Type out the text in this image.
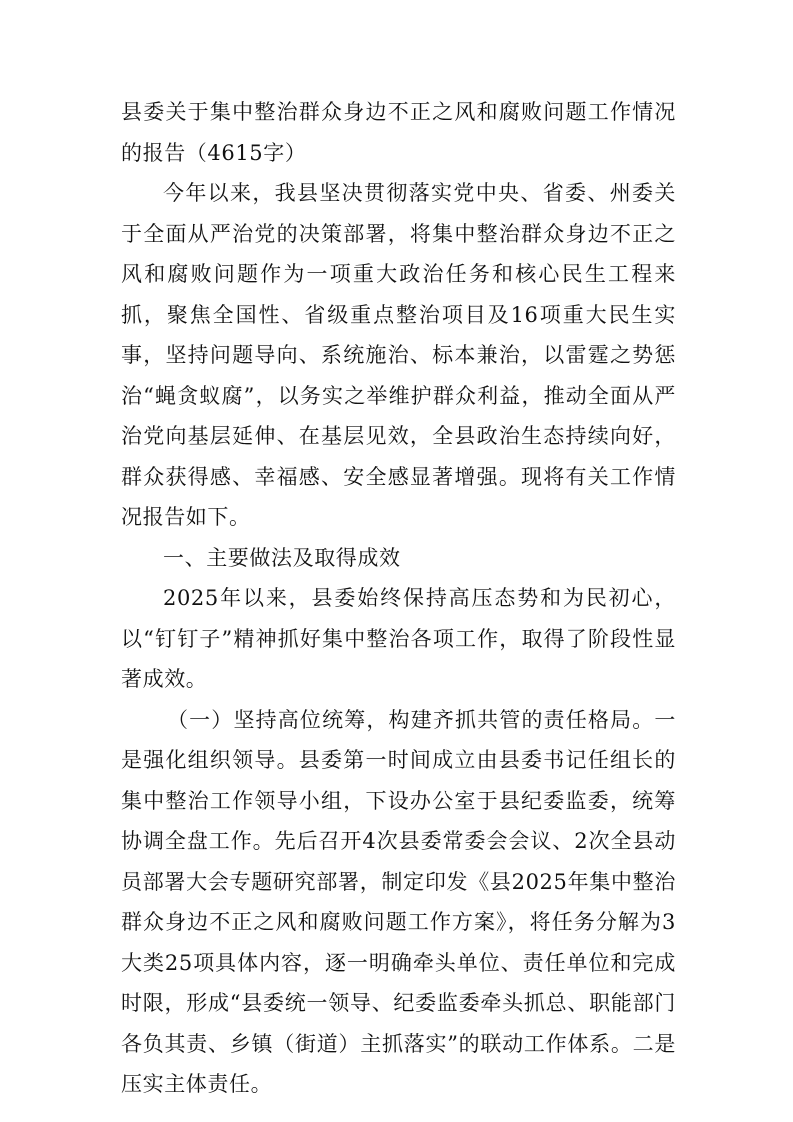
县委关于集中整治群众身边不正之风和腐败问题工作情况的报告（4615字）

今年以来，我县坚决贯彻落实党中央、省委、州委关于全面从严治党的决策部署，将集中整治群众身边不正之风和腐败问题作为一项重大政治任务和核心民生工程来抓，聚焦全国性、省级重点整治项目及16项重大民生实事，坚持问题导向、系统施治、标本兼治，以雷霆之势惩治“蝇贪蚁腐”，以务实之举维护群众利益，推动全面从严治党向基层延伸、在基层见效，全县政治生态持续向好，群众获得感、幸福感、安全感显著增强。现将有关工作情况报告如下。

一、主要做法及取得成效

2025年以来，县委始终保持高压态势和为民初心，以“钉钉子”精神抓好集中整治各项工作，取得了阶段性显著成效。

（一）坚持高位统筹，构建齐抓共管的责任格局。一是强化组织领导。县委第一时间成立由县委书记任组长的集中整治工作领导小组，下设办公室于县纪委监委，统筹协调全盘工作。先后召开4次县委常委会会议、2次全县动员部署大会专题研究部署，制定印发《县2025年集中整治群众身边不正之风和腐败问题工作方案》，将任务分解为3大类25项具体内容，逐一明确牵头单位、责任单位和完成时限，形成“县委统一领导、纪委监委牵头抓总、职能部门各负其责、乡镇（街道）主抓落实”的联动工作体系。二是压实主体责任。
